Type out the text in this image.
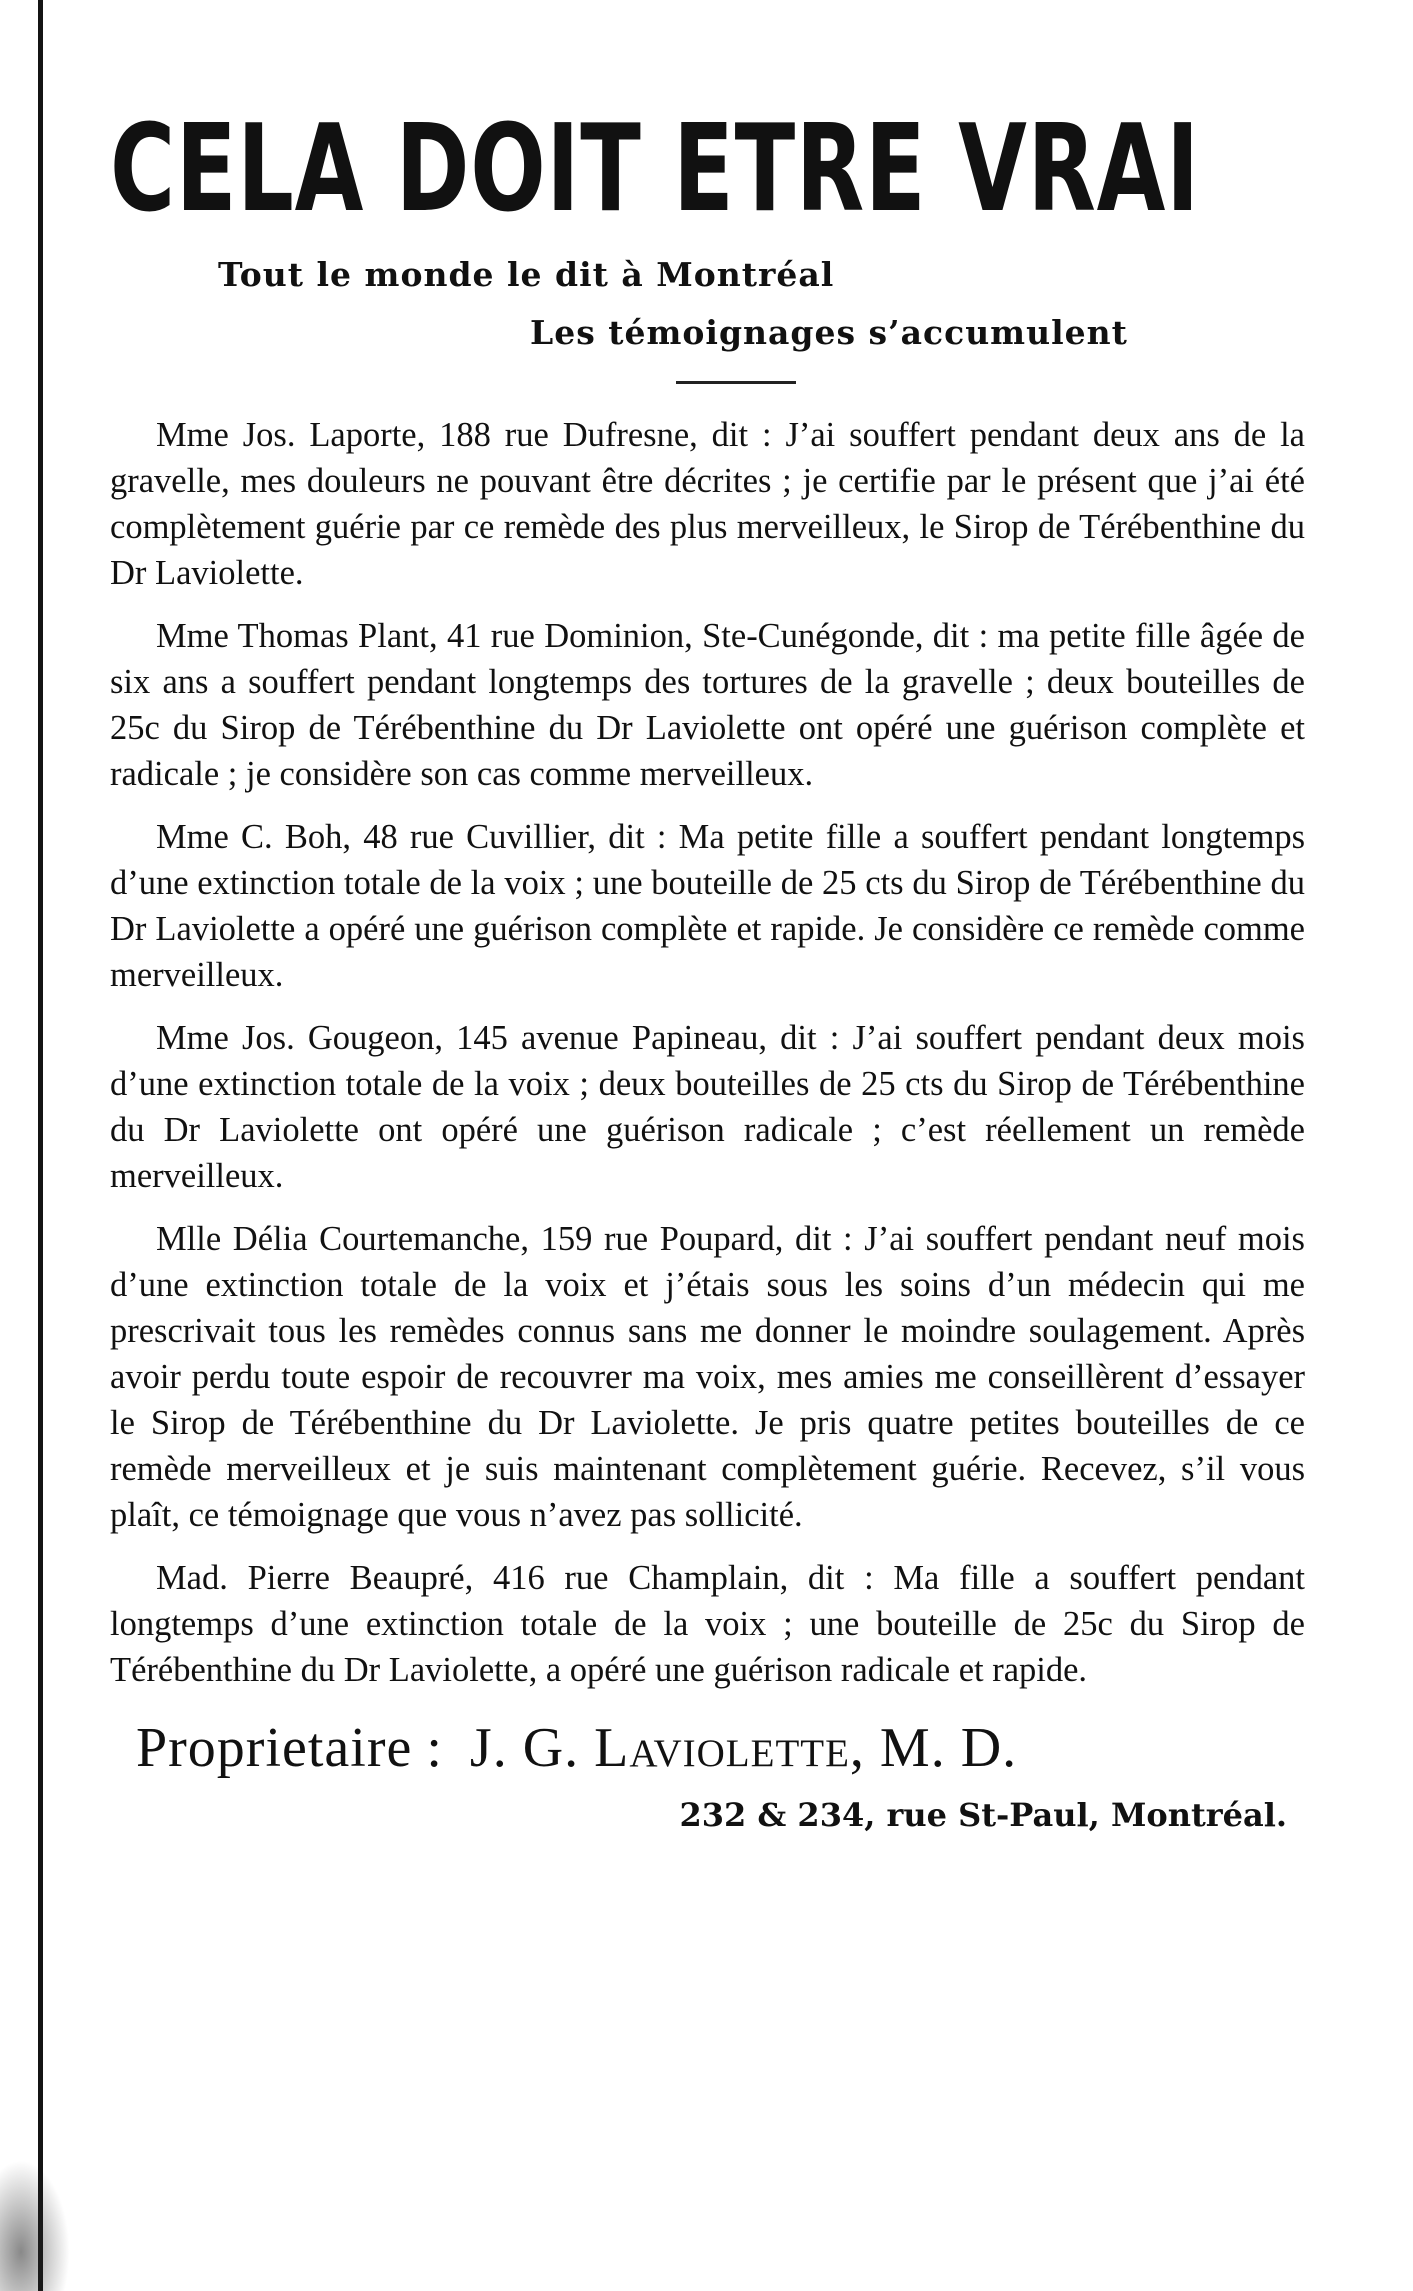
CELA DOIT ETRE VRAI
Tout le monde le dit à Montréal
Les témoignages s’accumulent

Mme Jos. Laporte, 188 rue Dufresne, dit : J’ai souffert pendant deux ans de la gravelle, mes douleurs ne pouvant être décrites ; je certifie par le présent que j’ai été complètement guérie par ce remède des plus merveilleux, le Sirop de Térébenthine du Dr Laviolette.

Mme Thomas Plant, 41 rue Dominion, Ste-Cunégonde, dit : ma petite fille âgée de six ans a souffert pendant longtemps des tortures de la gravelle ; deux bouteilles de 25c du Sirop de Térébenthine du Dr Laviolette ont opéré une guérison complète et radicale ; je considère son cas comme merveilleux.

Mme C. Boh, 48 rue Cuvillier, dit : Ma petite fille a souffert pendant longtemps d’une extinction totale de la voix ; une bouteille de 25 cts du Sirop de Térébenthine du Dr Laviolette a opéré une guérison complète et rapide. Je considère ce remède comme merveilleux.

Mme Jos. Gougeon, 145 avenue Papineau, dit : J’ai souffert pendant deux mois d’une extinction totale de la voix ; deux bouteilles de 25 cts du Sirop de Térébenthine du Dr Laviolette ont opéré une guérison radicale ; c’est réellement un remède merveilleux.

Mlle Délia Courtemanche, 159 rue Poupard, dit : J’ai souffert pendant neuf mois d’une extinction totale de la voix et j’étais sous les soins d’un médecin qui me prescrivait tous les remèdes connus sans me donner le moindre soulagement. Après avoir perdu toute espoir de recouvrer ma voix, mes amies me conseillèrent d’essayer le Sirop de Térébenthine du Dr Laviolette. Je pris quatre petites bouteilles de ce remède merveilleux et je suis maintenant complètement guérie. Recevez, s’il vous plaît, ce témoignage que vous n’avez pas sollicité.

Mad. Pierre Beaupré, 416 rue Champlain, dit : Ma fille a souffert pendant longtemps d’une extinction totale de la voix ; une bouteille de 25c du Sirop de Térébenthine du Dr Laviolette, a opéré une guérison radicale et rapide.

Proprietaire : J. G. Laviolette, M. D.
232 & 234, rue St-Paul, Montréal.
